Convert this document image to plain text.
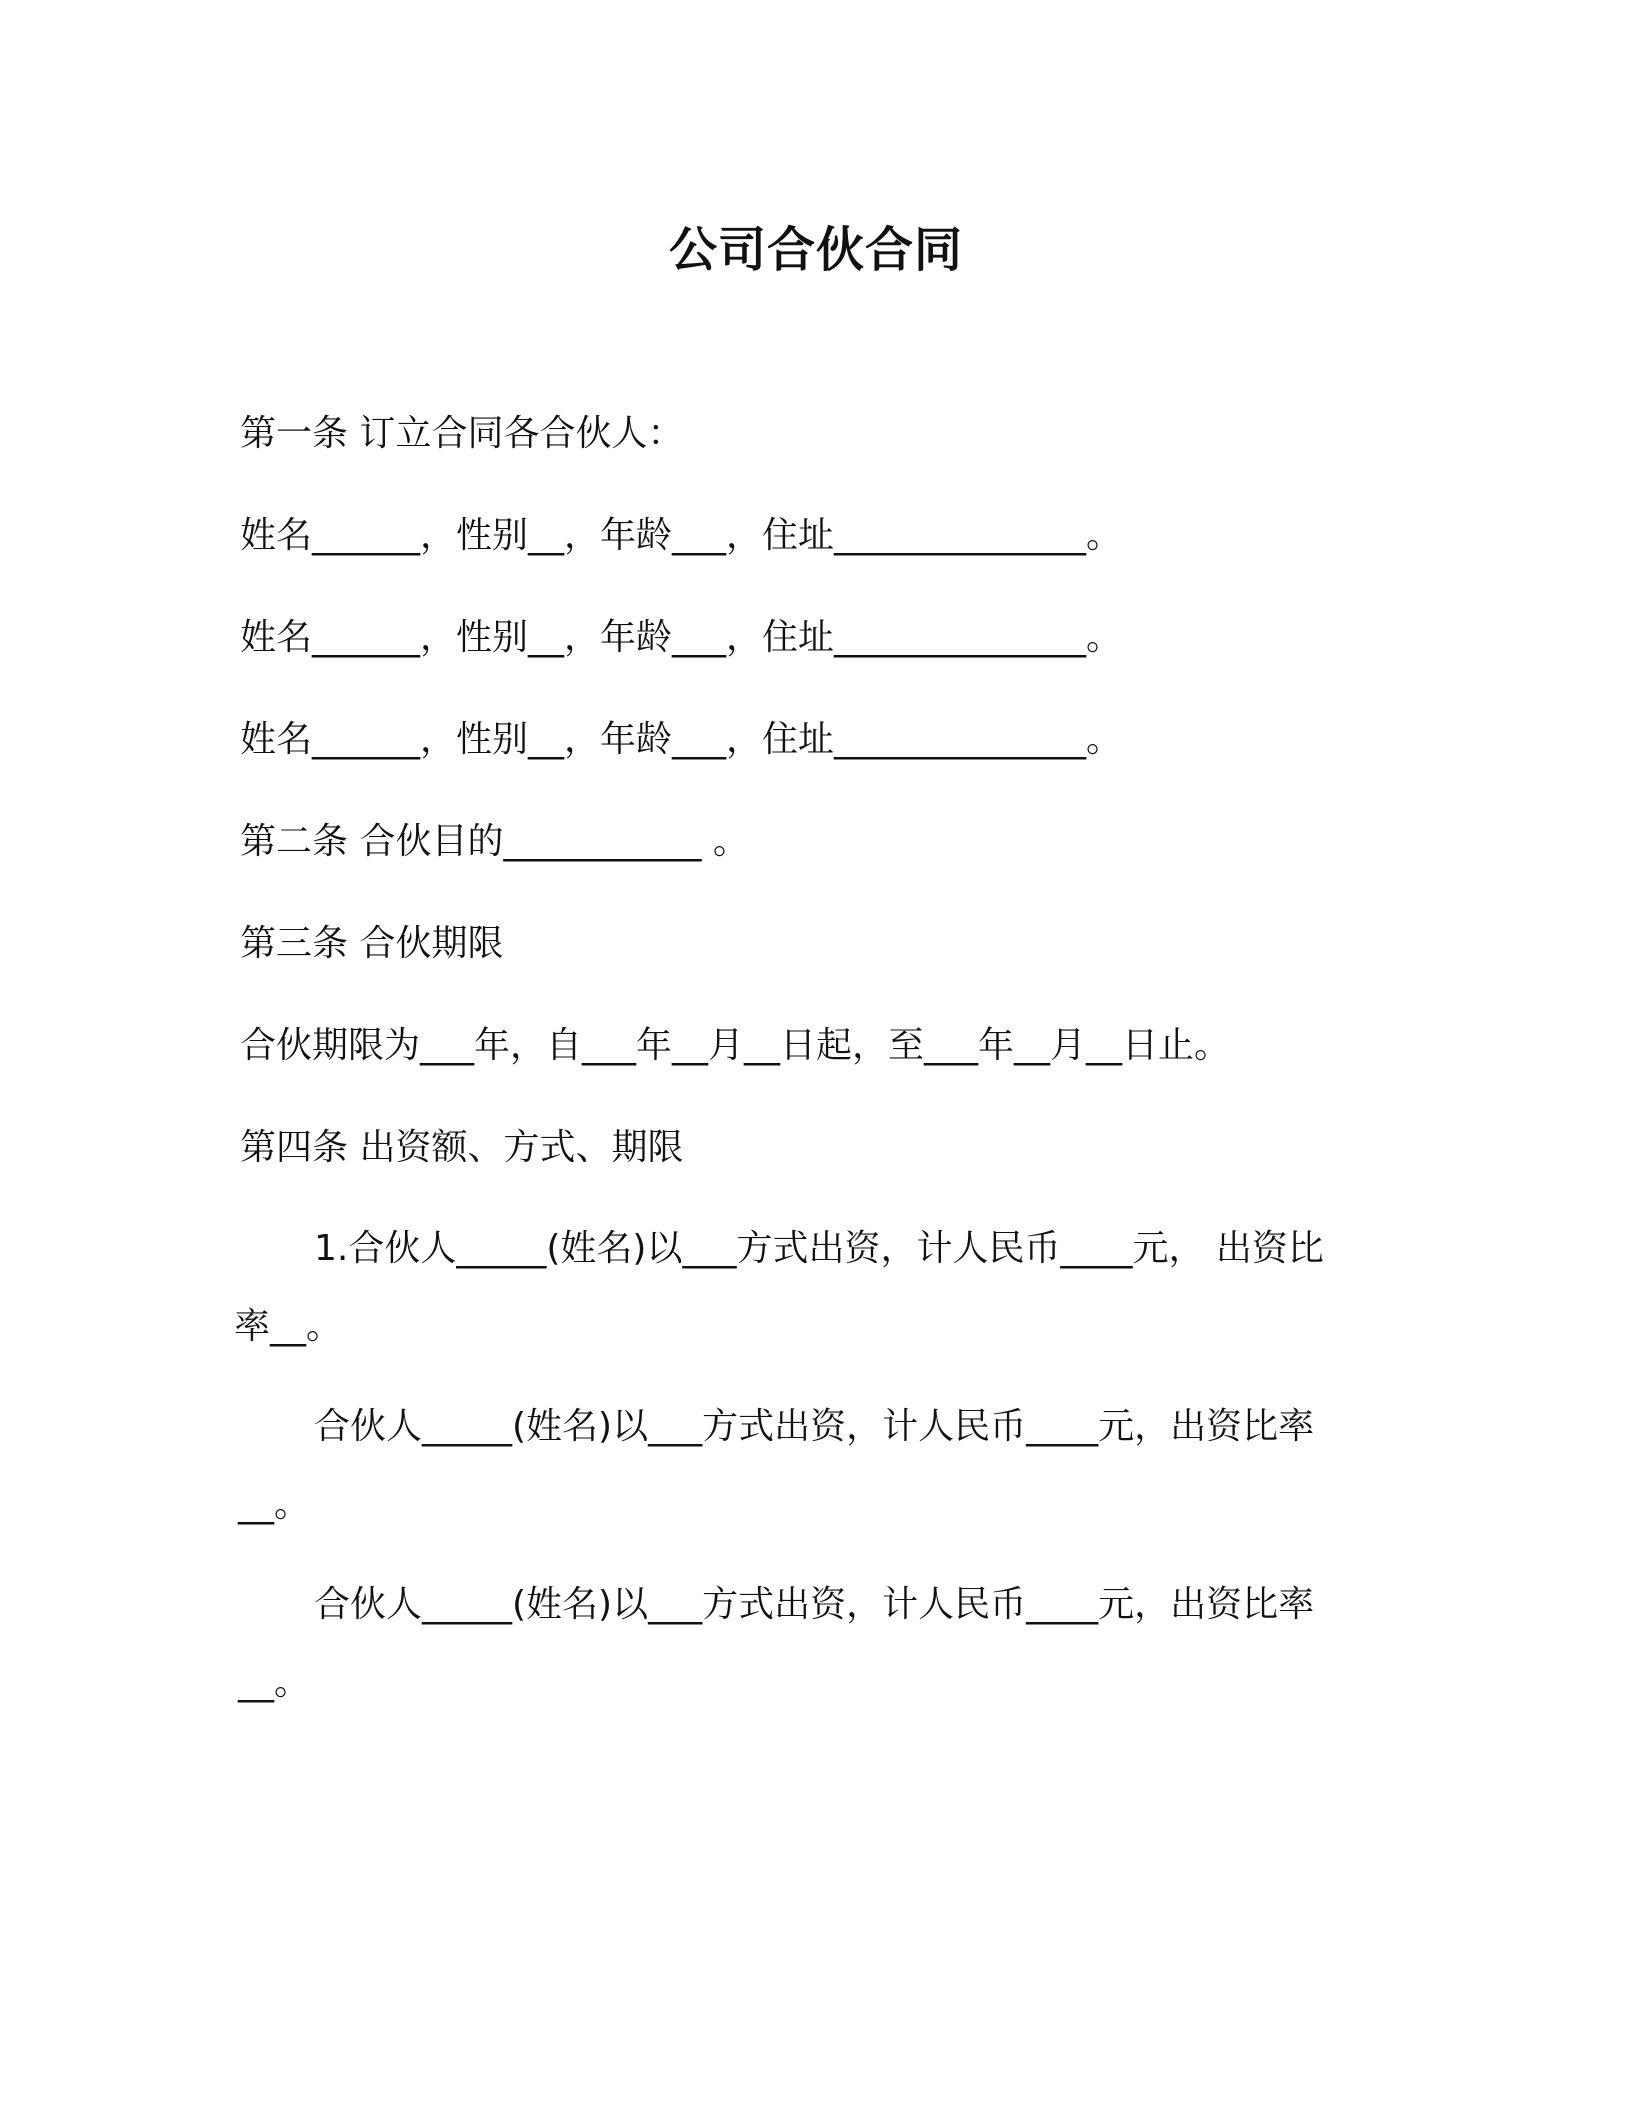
公司合伙合同
第一条 订立合同各合伙人：
姓名______，性别__，年龄___，住址______________。
姓名______，性别__，年龄___，住址______________。
姓名______，性别__，年龄___，住址______________。
第二条 合伙目的___________ 。
第三条 合伙期限
合伙期限为___年，自___年__月__日起，至___年__月__日止。
第四条 出资额、方式、期限
1.合伙人_____(姓名)以___方式出资，计人民币____元， 出资比
率__。
合伙人_____(姓名)以___方式出资，计人民币____元，出资比率
__。
合伙人_____(姓名)以___方式出资，计人民币____元，出资比率
__。
